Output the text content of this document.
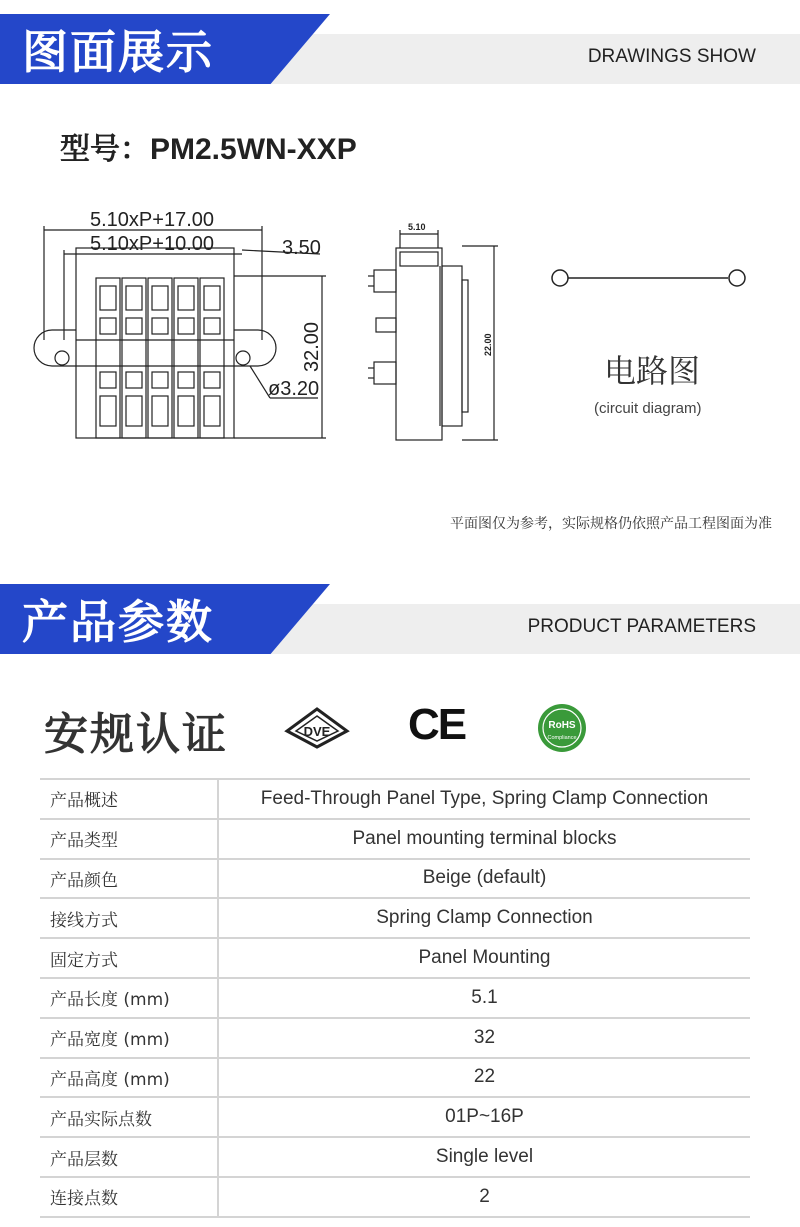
图面展示	DRAWINGS SHOW
型号：PM2.5WN-XXP
5.10xP+17.00
5.10xP+10.00	3.50
ø3.20
32.00
5.10
22.00
电路图
(circuit diagram)
平面图仅为参考，实际规格仍依照产品工程图面为准
产品参数	PRODUCT PARAMETERS
安规认证	DVE CE	RoHS
Compliance
产品概述	Feed-Through Panel Type, Spring Clamp Connection
产品类型	Panel mounting terminal blocks
产品颜色	Beige (default)
接线方式	Spring Clamp Connection
固定方式	Panel Mounting
产品长度 (mm)	5.1
产品宽度 (mm)	32
产品高度 (mm)	22
产品实际点数	01P~16P
产品层数	Single level
连接点数	2
